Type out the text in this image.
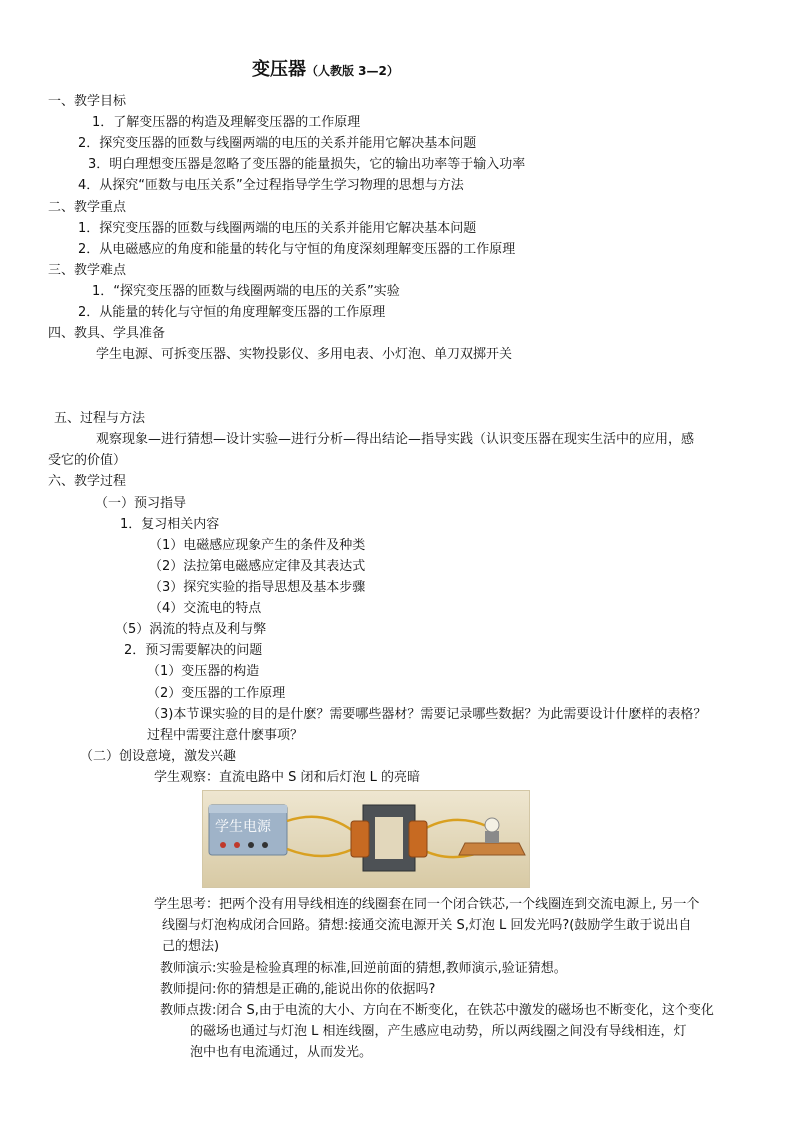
变压器（人教版 3—2）
一、教学目标
1．了解变压器的构造及理解变压器的工作原理
2．探究变压器的匝数与线圈两端的电压的关系并能用它解决基本问题
3．明白理想变压器是忽略了变压器的能量损失，它的输出功率等于输入功率
4．从探究“匝数与电压关系”全过程指导学生学习物理的思想与方法
二、教学重点
1．探究变压器的匝数与线圈两端的电压的关系并能用它解决基本问题
2．从电磁感应的角度和能量的转化与守恒的角度深刻理解变压器的工作原理
三、教学难点
1．“探究变压器的匝数与线圈两端的电压的关系”实验
2．从能量的转化与守恒的角度理解变压器的工作原理
四、教具、学具准备
学生电源、可拆变压器、实物投影仪、多用电表、小灯泡、单刀双掷开关
五、过程与方法
观察现象—进行猜想—设计实验—进行分析—得出结论—指导实践（认识变压器在现实生活中的应用，感
受它的价值）
六、教学过程
（一）预习指导
1．复习相关内容
（1）电磁感应现象产生的条件及种类
（2）法拉第电磁感应定律及其表达式
（3）探究实验的指导思想及基本步骤
（4）交流电的特点
（5）涡流的特点及利与弊
2．预习需要解决的问题
（1）变压器的构造
（2）变压器的工作原理
（3)本节课实验的目的是什麽？需要哪些器材？需要记录哪些数据？为此需要设计什麽样的表格？
过程中需要注意什麽事项？
（二）创设意境，激发兴趣
学生观察：直流电路中 S 闭和后灯泡 L 的亮暗
学生电源
学生思考：把两个没有用导线相连的线圈套在同一个闭合铁芯,一个线圈连到交流电源上, 另一个
线圈与灯泡构成闭合回路。猜想:接通交流电源开关 S,灯泡 L 回发光吗?(鼓励学生敢于说出自
己的想法)
教师演示:实验是检验真理的标准,回逆前面的猜想,教师演示,验证猜想。
教师提问:你的猜想是正确的,能说出你的依据吗?
教师点拨:闭合 S,由于电流的大小、方向在不断变化，在铁芯中激发的磁场也不断变化，这个变化
的磁场也通过与灯泡 L 相连线圈，产生感应电动势，所以两线圈之间没有导线相连，灯
泡中也有电流通过，从而发光。
